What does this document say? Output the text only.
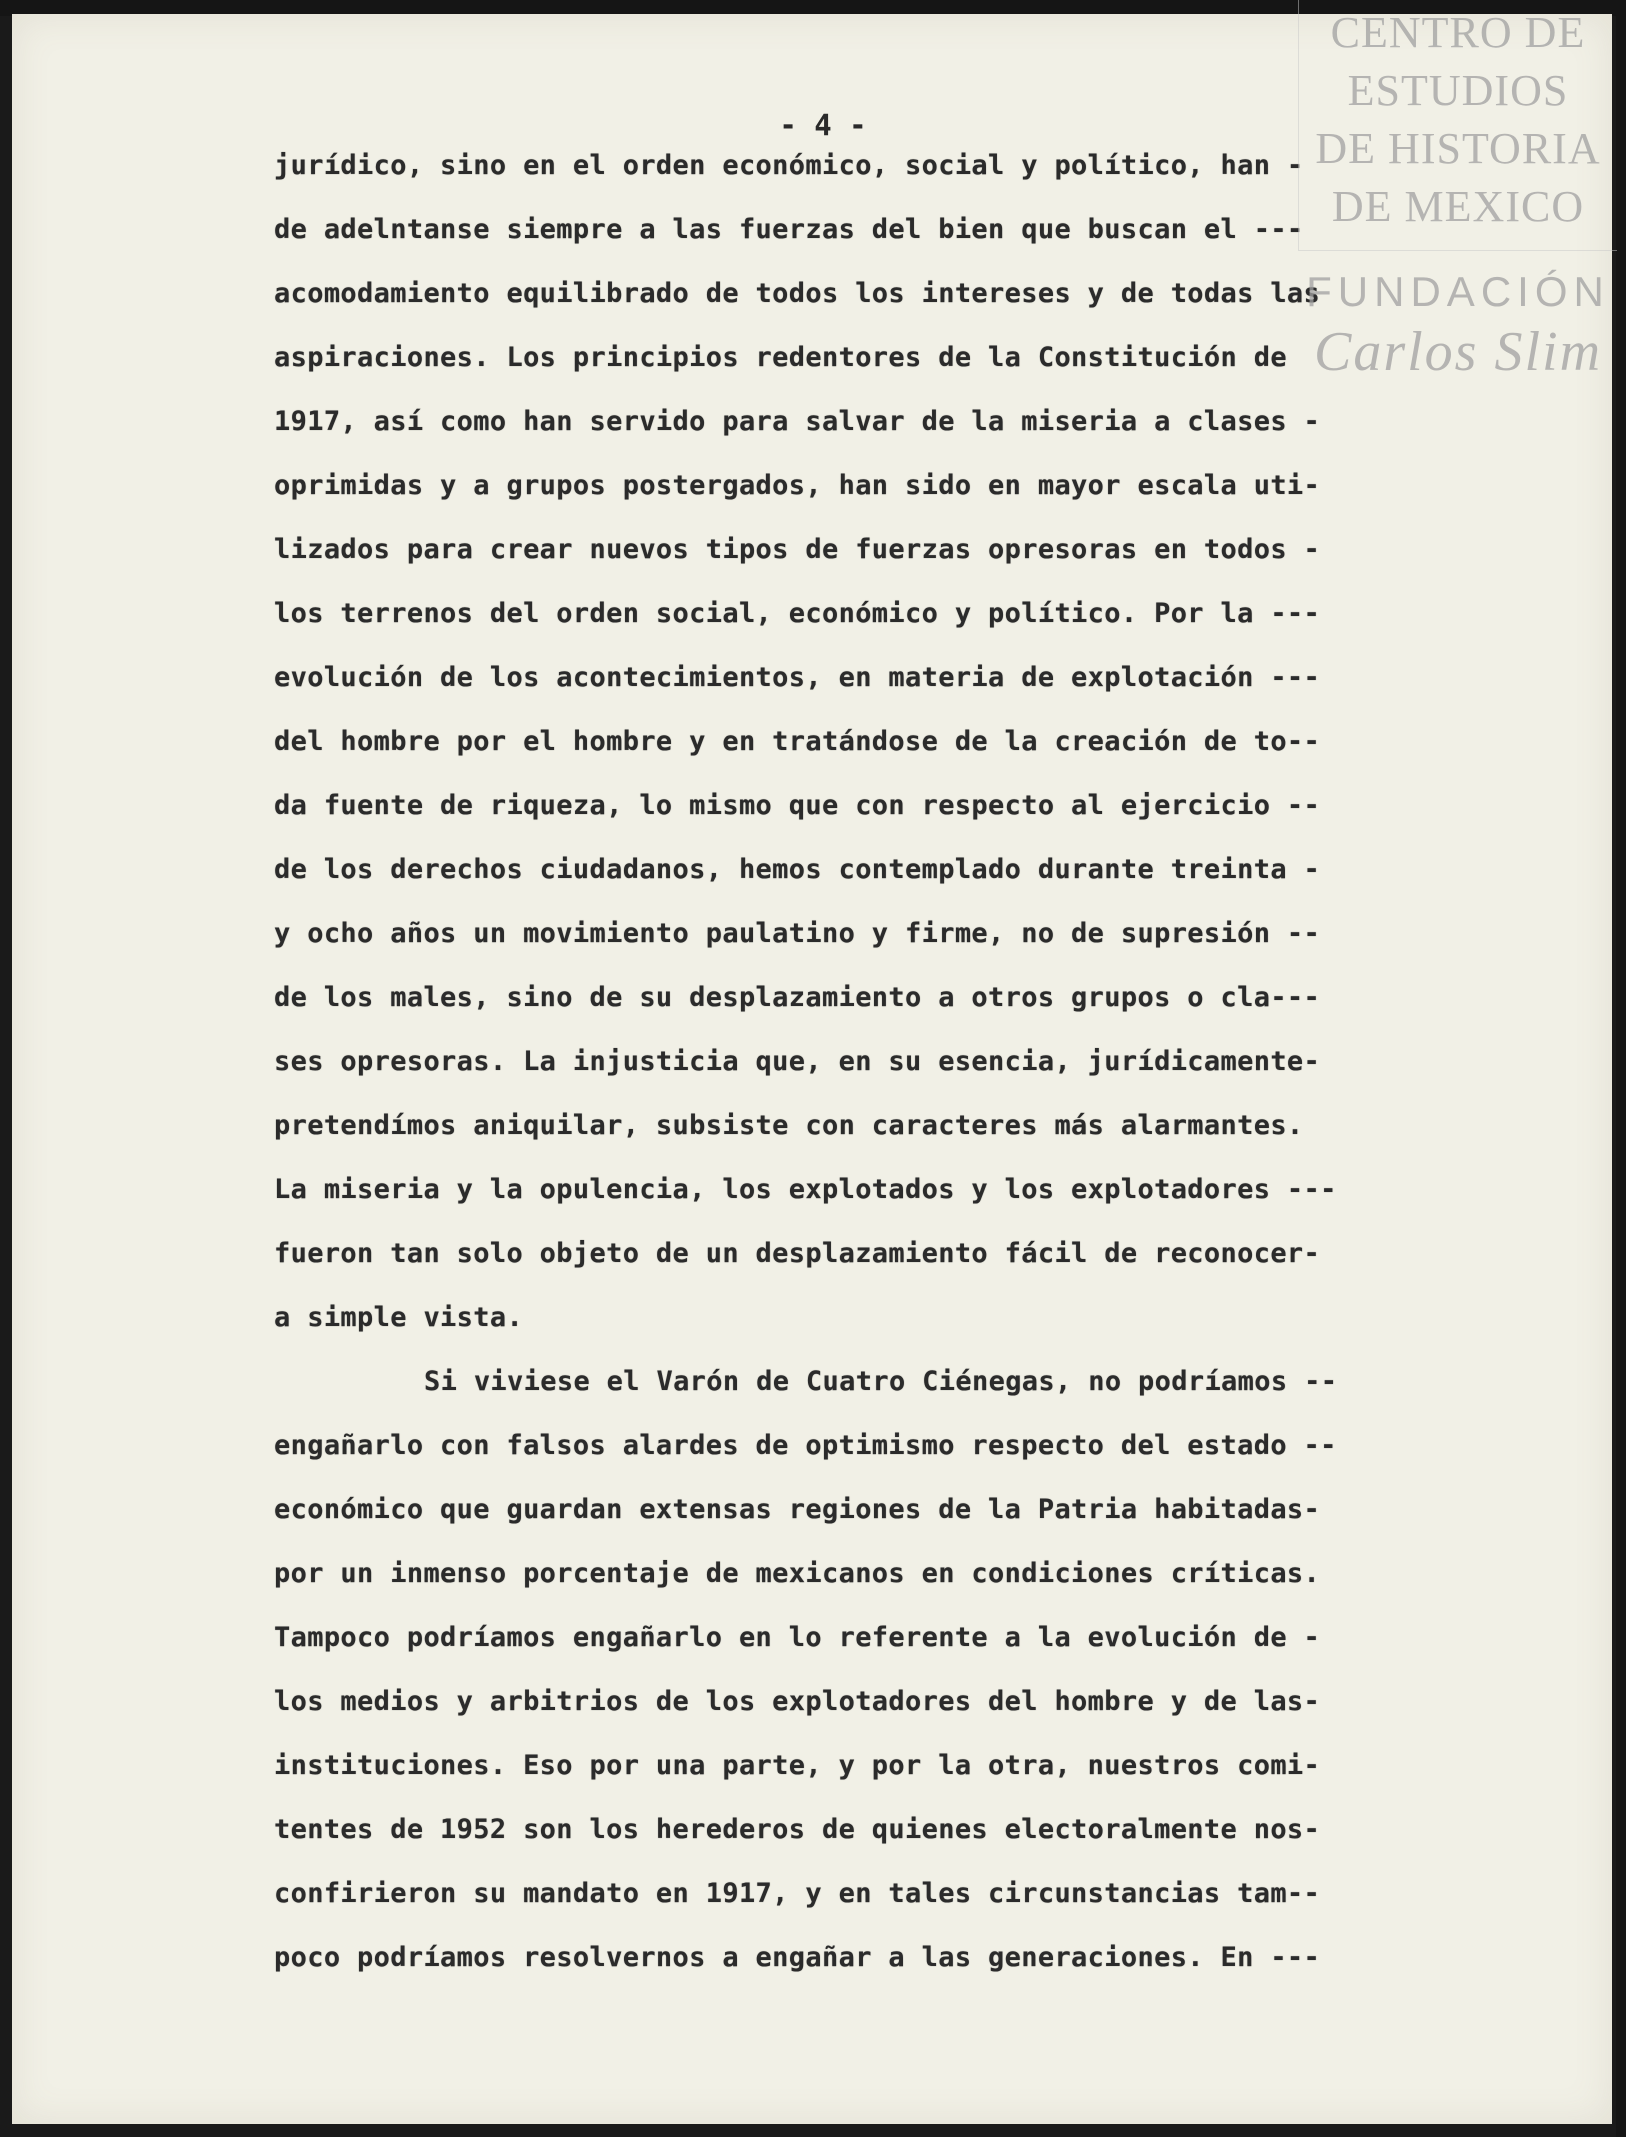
- 4 -
jurídico, sino en el orden económico, social y político, han -
de adelntanse siempre a las fuerzas del bien que buscan el ---
acomodamiento equilibrado de todos los intereses y de todas las
aspiraciones. Los principios redentores de la Constitución de
1917, así como han servido para salvar de la miseria a clases -
oprimidas y a grupos postergados, han sido en mayor escala uti-
lizados para crear nuevos tipos de fuerzas opresoras en todos -
los terrenos del orden social, económico y político. Por la ---
evolución de los acontecimientos, en materia de explotación ---
del hombre por el hombre y en tratándose de la creación de to--
da fuente de riqueza, lo mismo que con respecto al ejercicio --
de los derechos ciudadanos, hemos contemplado durante treinta -
y ocho años un movimiento paulatino y firme, no de supresión --
de los males, sino de su desplazamiento a otros grupos o cla---
ses opresoras. La injusticia que, en su esencia, jurídicamente-
pretendímos aniquilar, subsiste con caracteres más alarmantes.
La miseria y la opulencia, los explotados y los explotadores ---
fueron tan solo objeto de un desplazamiento fácil de reconocer-
a simple vista.
Si viviese el Varón de Cuatro Ciénegas, no podríamos --
engañarlo con falsos alardes de optimismo respecto del estado --
económico que guardan extensas regiones de la Patria habitadas-
por un inmenso porcentaje de mexicanos en condiciones críticas.
Tampoco podríamos engañarlo en lo referente a la evolución de -
los medios y arbitrios de los explotadores del hombre y de las-
instituciones. Eso por una parte, y por la otra, nuestros comi-
tentes de 1952 son los herederos de quienes electoralmente nos-
confirieron su mandato en 1917, y en tales circunstancias tam--
poco podríamos resolvernos a engañar a las generaciones. En ---
CENTRO DE
ESTUDIOS
DE HISTORIA
DE MEXICO
FUNDACIÓN
Carlos Slim
